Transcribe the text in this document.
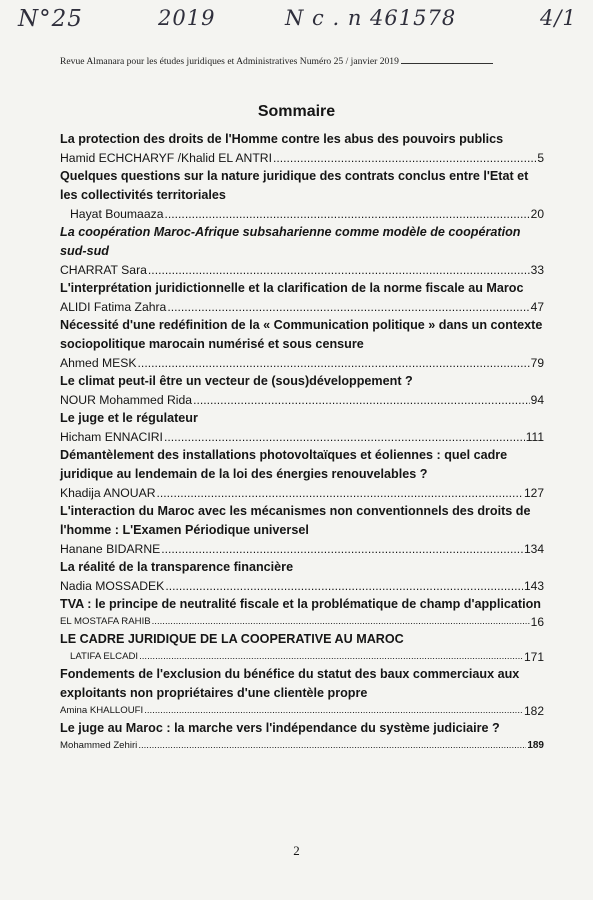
N°25	2019	N c . n 461578	4/1
Revue Almanara pour les études juridiques et Administratives Numéro 25 / janvier 2019
Sommaire
La protection des droits de l'Homme contre les abus des pouvoirs publics
Hamid ECHCHARYF /Khalid EL ANTRI .....	5
Quelques questions sur la nature juridique des contrats conclus entre l'Etat et les collectivités territoriales
Hayat Boumaaza .....	20
La coopération Maroc-Afrique subsaharienne comme modèle de coopération sud-sud
CHARRAT Sara .....	33
L'interprétation juridictionnelle et la clarification de la norme fiscale au Maroc
ALIDI Fatima Zahra .....	47
Nécessité d'une redéfinition de la « Communication politique » dans un contexte sociopolitique marocain numérisé et sous censure
Ahmed MESK .....	79
Le climat peut-il être un vecteur de (sous)développement ?
NOUR Mohammed Rida .....	94
Le juge et le régulateur
Hicham ENNACIRI .....	111
Démantèlement des installations photovoltaïques et éoliennes : quel cadre juridique au lendemain de la loi des énergies renouvelables ?
Khadija ANOUAR .....	127
L'interaction du Maroc avec les mécanismes non conventionnels des droits de l'homme : L'Examen Périodique universel
Hanane BIDARNE .....	134
La réalité de la transparence financière
Nadia MOSSADEK .....	143
TVA : le principe de neutralité fiscale et la problématique de champ d'application
EL MOSTAFA RAHIB .....	16
LE CADRE JURIDIQUE DE LA COOPERATIVE AU MAROC
LATIFA ELCADI .....	171
Fondements de l'exclusion du bénéfice du statut des baux commerciaux aux exploitants non propriétaires d'une clientèle propre
Amina KHALLOUFI .....	182
Le juge au Maroc : la marche vers l'indépendance du système judiciaire ?
Mohammed Zehiri .....	189
2
